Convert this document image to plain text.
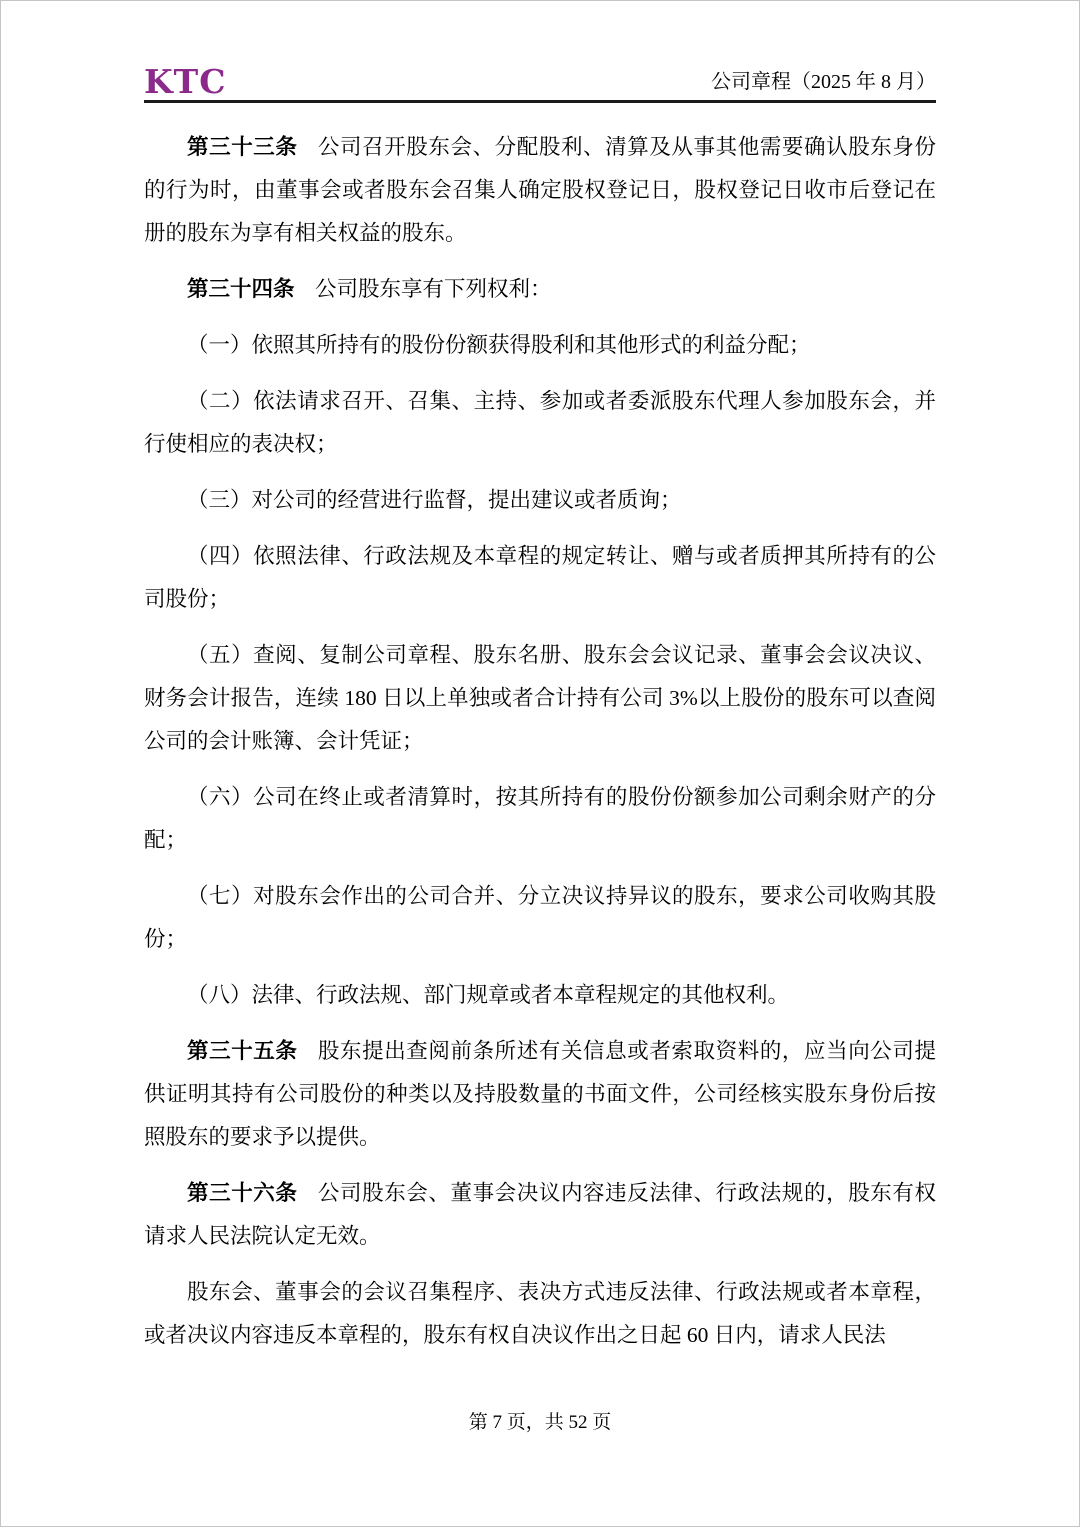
KTC	公司章程（2025 年 8 月）

第三十三条 公司召开股东会、分配股利、清算及从事其他需要确认股东身份的行为时，由董事会或者股东会召集人确定股权登记日，股权登记日收市后登记在册的股东为享有相关权益的股东。

第三十四条 公司股东享有下列权利：

（一）依照其所持有的股份份额获得股利和其他形式的利益分配；

（二）依法请求召开、召集、主持、参加或者委派股东代理人参加股东会，并行使相应的表决权；

（三）对公司的经营进行监督，提出建议或者质询；

（四）依照法律、行政法规及本章程的规定转让、赠与或者质押其所持有的公司股份；

（五）查阅、复制公司章程、股东名册、股东会会议记录、董事会会议决议、财务会计报告，连续 180 日以上单独或者合计持有公司 3%以上股份的股东可以查阅公司的会计账簿、会计凭证；

（六）公司在终止或者清算时，按其所持有的股份份额参加公司剩余财产的分配；

（七）对股东会作出的公司合并、分立决议持异议的股东，要求公司收购其股份；

（八）法律、行政法规、部门规章或者本章程规定的其他权利。

第三十五条 股东提出查阅前条所述有关信息或者索取资料的，应当向公司提供证明其持有公司股份的种类以及持股数量的书面文件，公司经核实股东身份后按照股东的要求予以提供。

第三十六条 公司股东会、董事会决议内容违反法律、行政法规的，股东有权请求人民法院认定无效。

股东会、董事会的会议召集程序、表决方式违反法律、行政法规或者本章程，或者决议内容违反本章程的，股东有权自决议作出之日起 60 日内，请求人民法

第 7 页，共 52 页
